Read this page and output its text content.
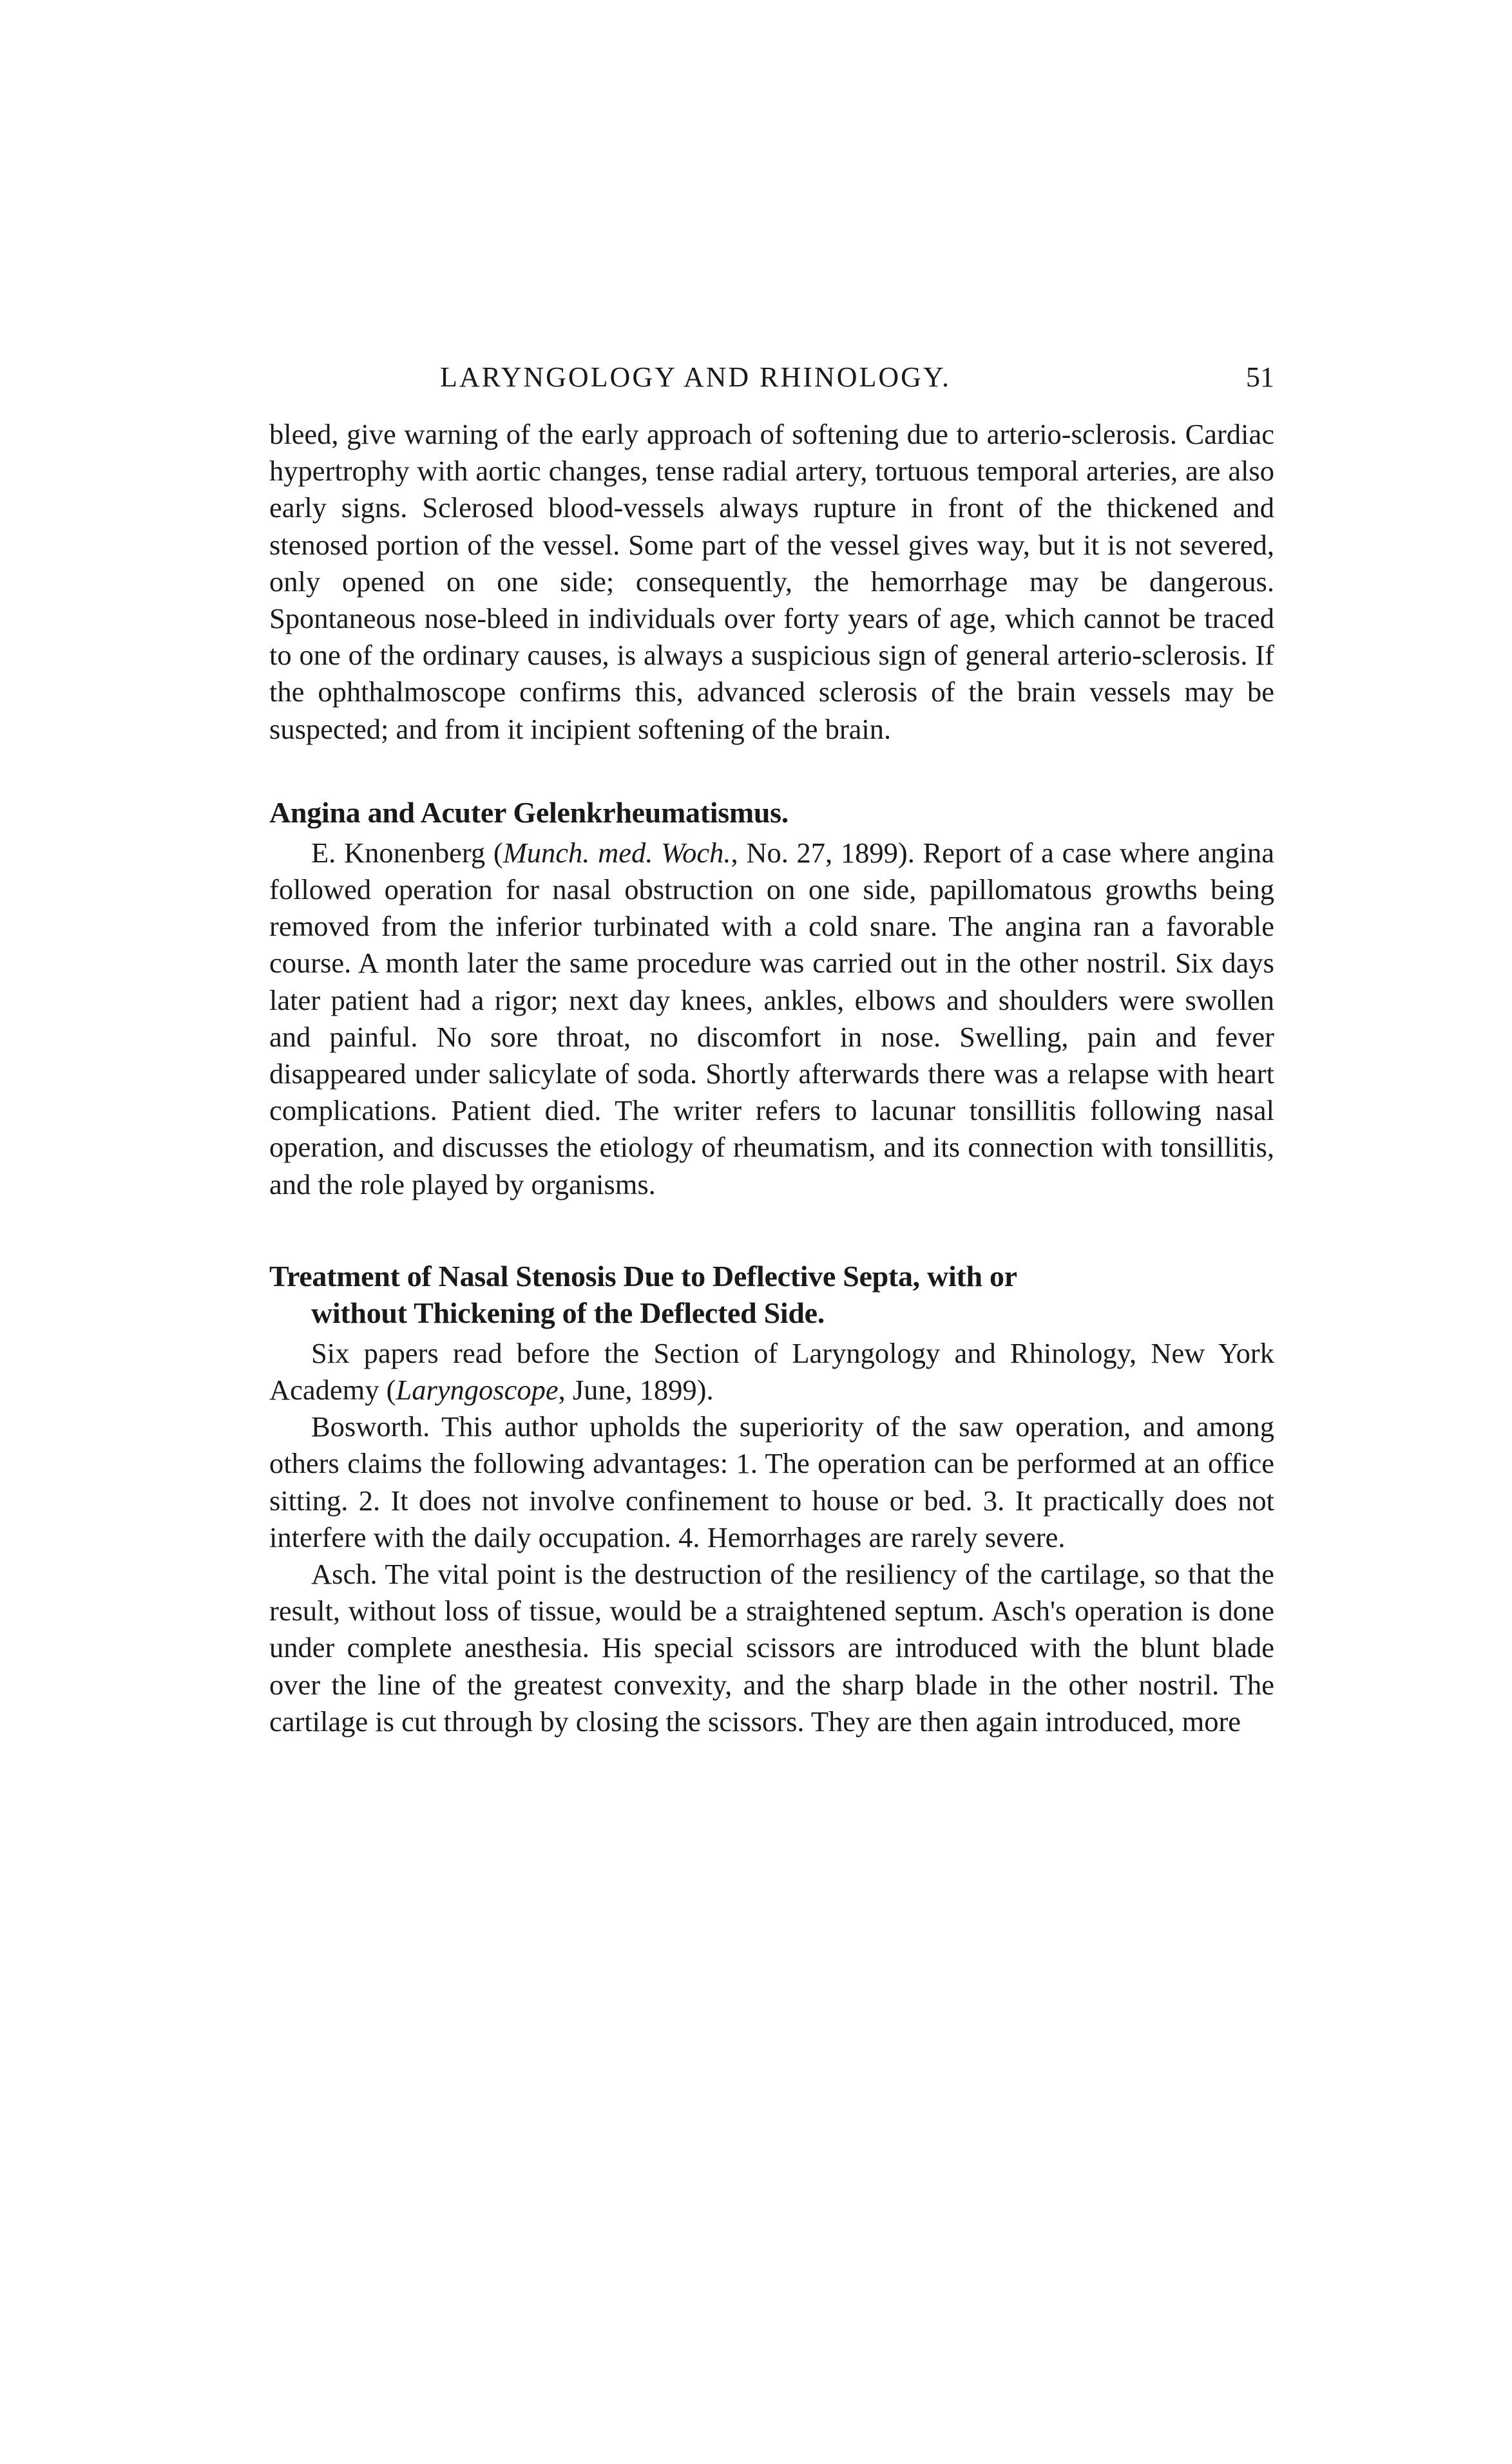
LARYNGOLOGY AND RHINOLOGY.	51

bleed, give warning of the early approach of softening due to arterio-sclerosis. Cardiac hypertrophy with aortic changes, tense radial artery, tortuous temporal arteries, are also early signs. Sclerosed blood-vessels always rupture in front of the thickened and stenosed portion of the vessel. Some part of the vessel gives way, but it is not severed, only opened on one side; consequently, the hemorrhage may be dangerous. Spontaneous nose-bleed in individuals over forty years of age, which cannot be traced to one of the ordinary causes, is always a suspicious sign of general arterio-sclerosis. If the ophthalmoscope confirms this, advanced sclerosis of the brain vessels may be suspected; and from it incipient softening of the brain.

Angina and Acuter Gelenkrheumatismus.

E. Knonenberg (Munch. med. Woch., No. 27, 1899). Report of a case where angina followed operation for nasal obstruction on one side, papillomatous growths being removed from the inferior turbinated with a cold snare. The angina ran a favorable course. A month later the same procedure was carried out in the other nostril. Six days later patient had a rigor; next day knees, ankles, elbows and shoulders were swollen and painful. No sore throat, no discomfort in nose. Swelling, pain and fever disappeared under salicylate of soda. Shortly afterwards there was a relapse with heart complications. Patient died. The writer refers to lacunar tonsillitis following nasal operation, and discusses the etiology of rheumatism, and its connection with tonsillitis, and the role played by organisms.

Treatment of Nasal Stenosis Due to Deflective Septa, with or
without Thickening of the Deflected Side.

Six papers read before the Section of Laryngology and Rhinology, New York Academy (Laryngoscope, June, 1899).

Bosworth. This author upholds the superiority of the saw operation, and among others claims the following advantages: 1. The operation can be performed at an office sitting. 2. It does not involve confinement to house or bed. 3. It practically does not interfere with the daily occupation. 4. Hemorrhages are rarely severe.

Asch. The vital point is the destruction of the resiliency of the cartilage, so that the result, without loss of tissue, would be a straightened septum. Asch's operation is done under complete anesthesia. His special scissors are introduced with the blunt blade over the line of the greatest convexity, and the sharp blade in the other nostril. The cartilage is cut through by closing the scissors. They are then again introduced, more
